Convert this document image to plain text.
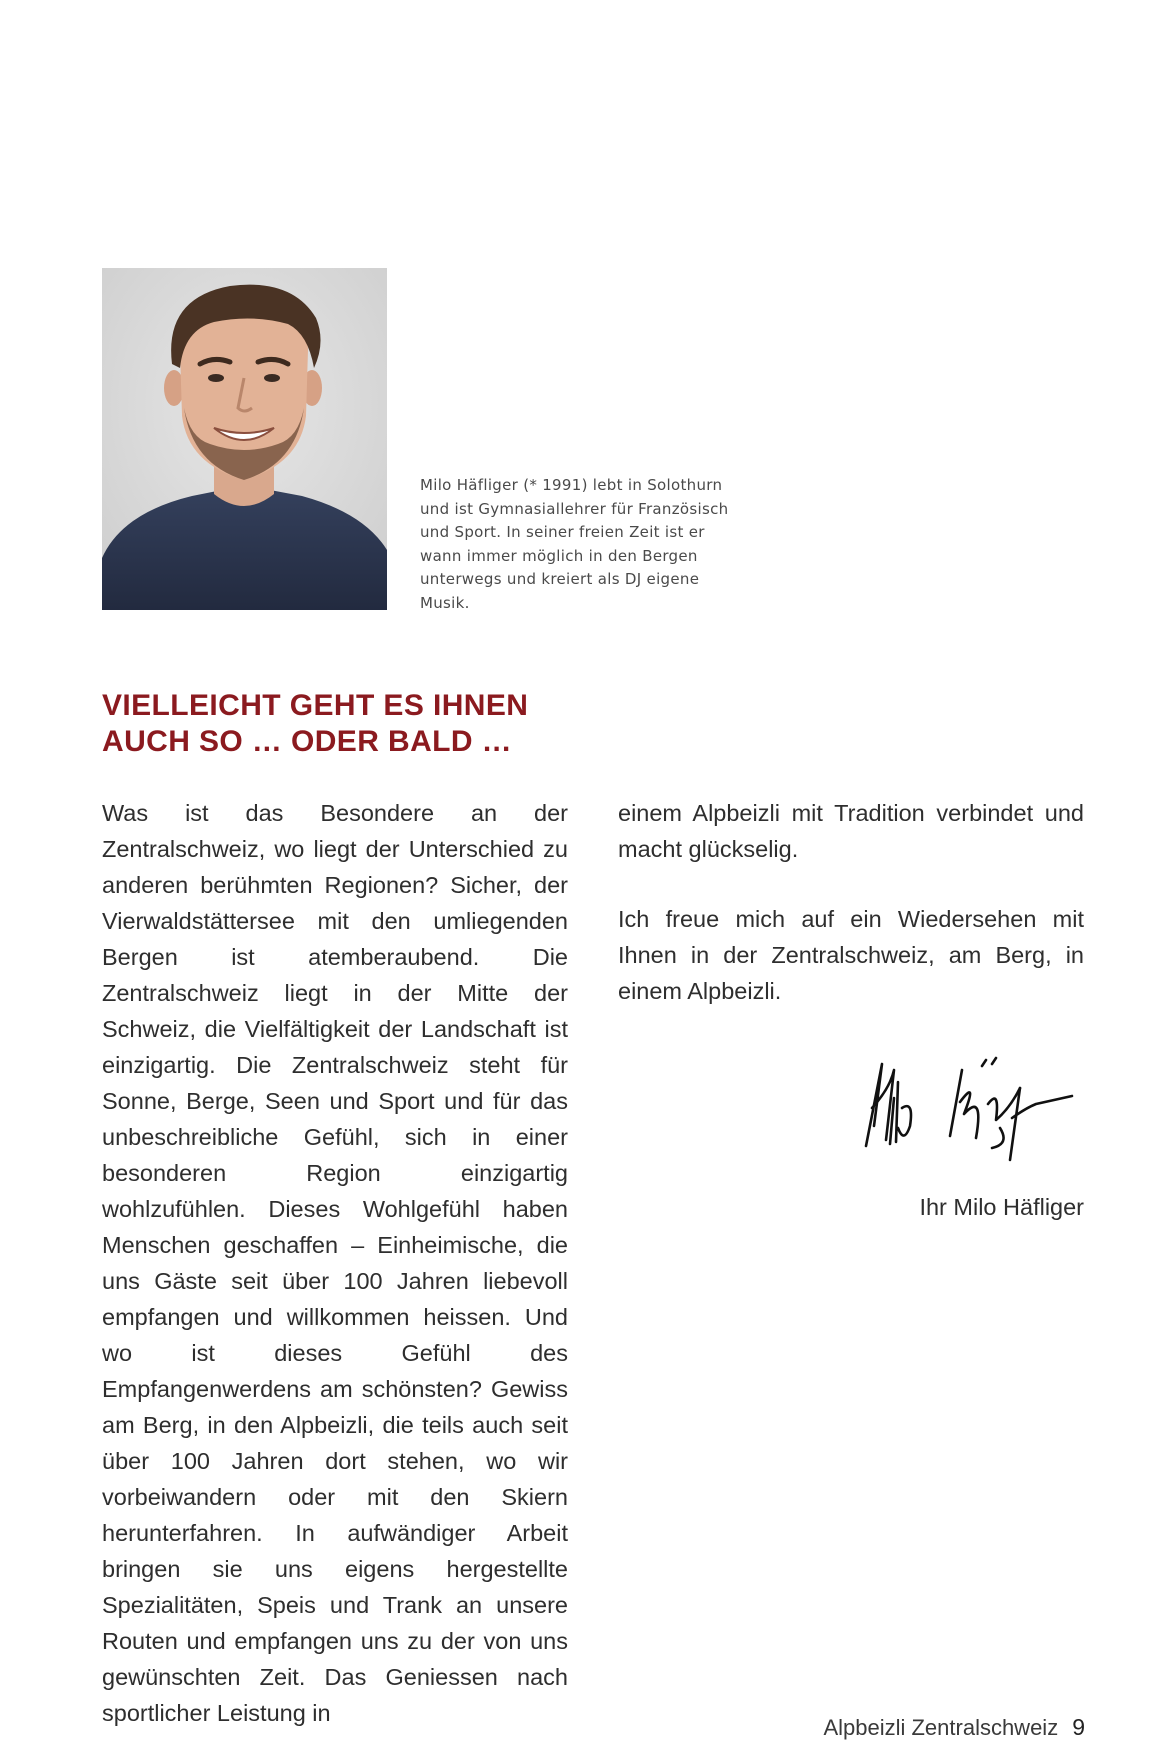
Milo Häfliger (* 1991) lebt in Solothurn und ist Gymnasiallehrer für Französisch und Sport. In seiner freien Zeit ist er wann immer möglich in den Bergen unterwegs und kreiert als DJ eigene Musik.
VIELLEICHT GEHT ES IHNEN
AUCH SO … ODER BALD …
Was ist das Besondere an der Zentralschweiz, wo liegt der Unterschied zu anderen berühmten Regionen? Sicher, der Vierwaldstättersee mit den umliegenden Bergen ist atemberaubend. Die Zentralschweiz liegt in der Mitte der Schweiz, die Vielfältigkeit der Landschaft ist einzigartig. Die Zentralschweiz steht für Sonne, Berge, Seen und Sport und für das unbeschreibliche Gefühl, sich in einer besonderen Region einzigartig wohlzufühlen. Dieses Wohlgefühl haben Menschen geschaffen – Einheimische, die uns Gäste seit über 100 Jahren liebevoll empfangen und willkommen heissen. Und wo ist dieses Gefühl des Empfangenwerdens am schönsten? Gewiss am Berg, in den Alpbeizli, die teils auch seit über 100 Jahren dort stehen, wo wir vorbeiwandern oder mit den Skiern herunterfahren. In aufwändiger Arbeit bringen sie uns eigens hergestellte Spezialitäten, Speis und Trank an unsere Routen und empfangen uns zu der von uns gewünschten Zeit. Das Geniessen nach sportlicher Leistung in

einem Alpbeizli mit Tradition verbindet und macht glückselig.

Ich freue mich auf ein Wiedersehen mit Ihnen in der Zentralschweiz, am Berg, in einem Alpbeizli.

Ihr Milo Häfliger
Alpbeizli Zentralschweiz 9
